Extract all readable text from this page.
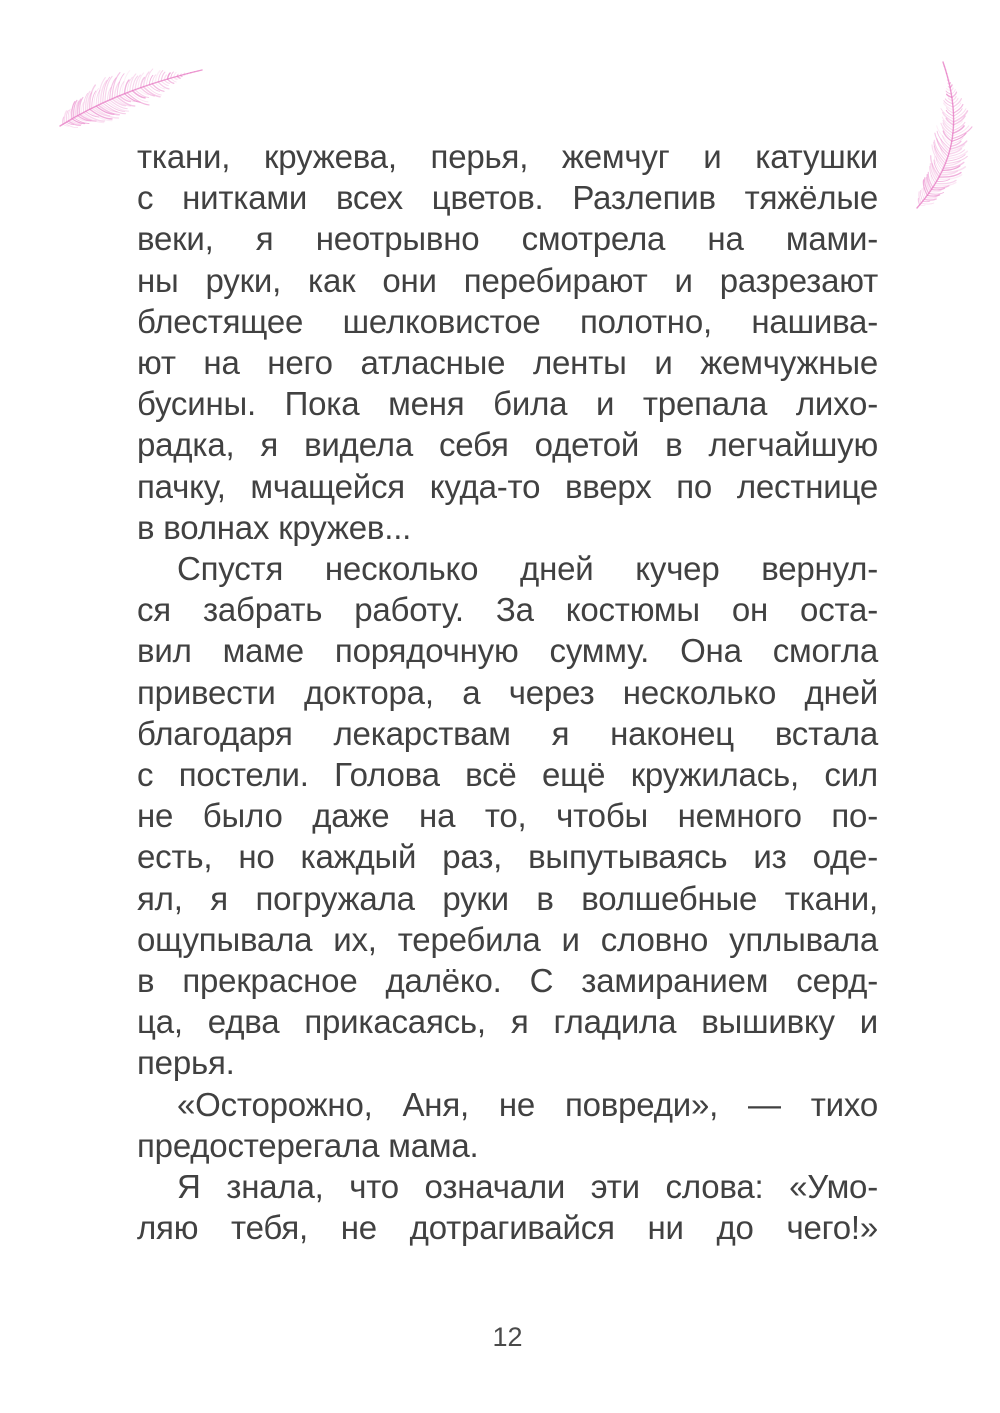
ткани, кружева, перья, жемчуг и катушки
с нитками всех цветов. Разлепив тяжёлые
веки, я неотрывно смотрела на мами-
ны руки, как они перебирают и разрезают
блестящее шелковистое полотно, нашива-
ют на него атласные ленты и жемчужные
бусины. Пока меня била и трепала лихо-
радка, я видела себя одетой в легчайшую
пачку, мчащейся куда-то вверх по лестнице
в волнах кружев...
Спустя несколько дней кучер вернул-
ся забрать работу. За костюмы он оста-
вил маме порядочную сумму. Она смогла
привести доктора, а через несколько дней
благодаря лекарствам я наконец встала
с постели. Голова всё ещё кружилась, сил
не было даже на то, чтобы немного по-
есть, но каждый раз, выпутываясь из оде-
ял, я погружала руки в волшебные ткани,
ощупывала их, теребила и словно уплывала
в прекрасное далёко. С замиранием серд-
ца, едва прикасаясь, я гладила вышивку и
перья.
«Осторожно, Аня, не повреди», — тихо
предостерегала мама.
Я знала, что означали эти слова: «Умо-
ляю тебя, не дотрагивайся ни до чего!»
12
